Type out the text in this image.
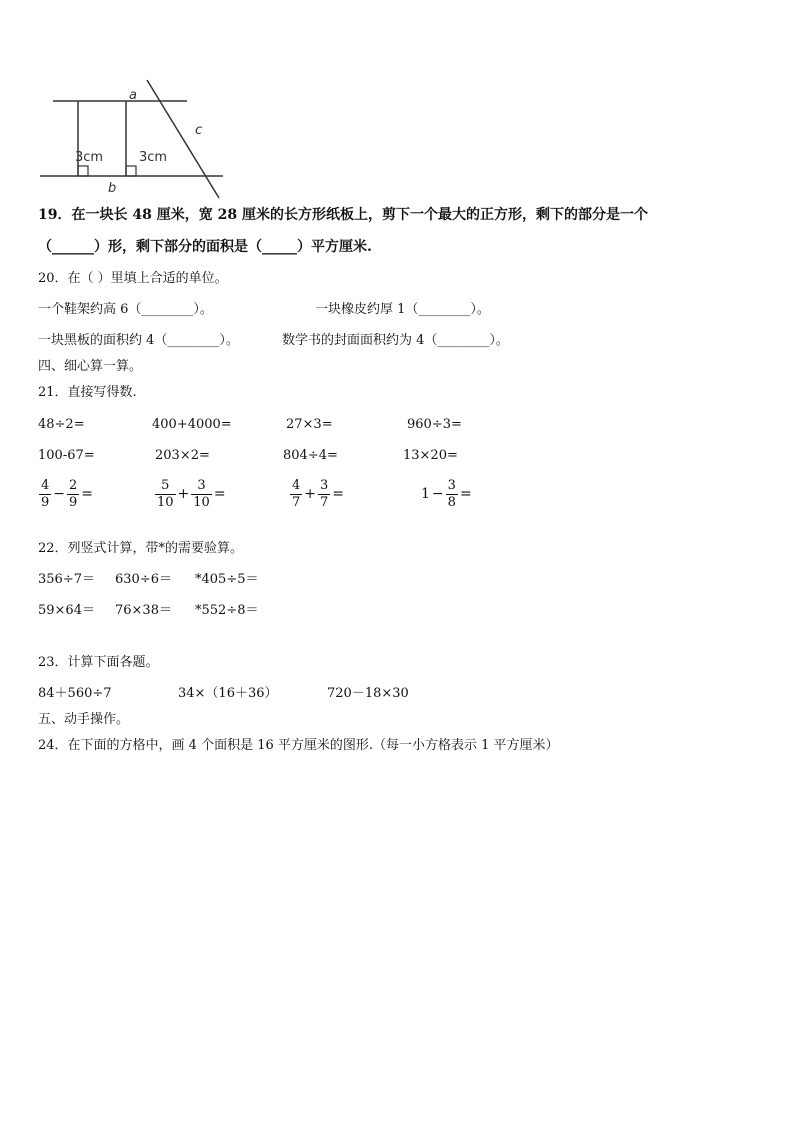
a
b
c
3cm	3cm
19．在一块长 48 厘米，宽 28 厘米的长方形纸板上，剪下一个最大的正方形，剩下的部分是一个
（______）形，剩下部分的面积是（_____）平方厘米.
20．在（ ）里填上合适的单位。
一个鞋架约高 6（________）。	一块橡皮约厚 1（________）。
一块黑板的面积约 4（________）。	数学书的封面面积约为 4（________）。
四、细心算一算。
21．直接写得数.
48÷2=	400+4000=	27×3=	960÷3=
100-67=	203×2=	804÷4=	13×20=
$\frac{4}{9} - \frac{2}{9}$ =	$\frac{5}{10} + \frac{3}{10}$ =	$\frac{4}{7} + \frac{3}{7}$ =	$1 - \frac{3}{8}$ =
22．列竖式计算，带*的需要验算。
356÷7＝ 630÷6＝ *405÷5＝
59×64＝ 76×38＝ *552÷8＝
23．计算下面各题。
84＋560÷7	34×（16＋36）	720－18×30
五、动手操作。
24．在下面的方格中，画 4 个面积是 16 平方厘米的图形.（每一小方格表示 1 平方厘米）
